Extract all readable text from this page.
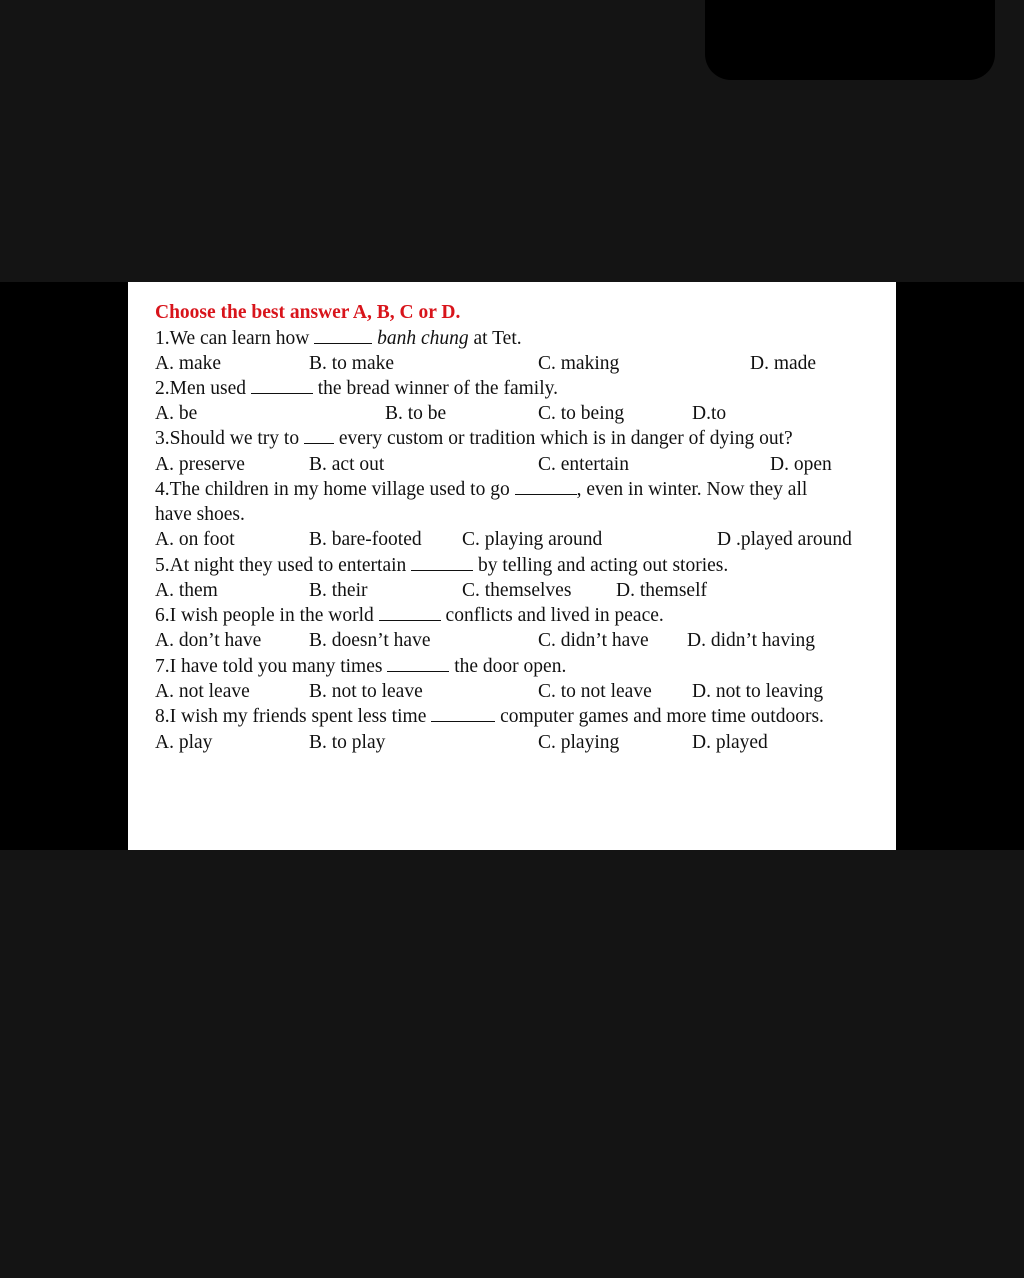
Choose the best answer A, B, C or D.
1.We can learn how	banh chung at Tet.
A. make	B. to make	C. making	D. made
2.Men used	the bread winner of the family.
A. be	B. to be	C. to being	D.to
3.Should we try to  every custom or tradition which is in danger of dying out?
A. preserve	B. act out	C. entertain	D. open
4.The children in my home village used to go	, even in winter. Now they all
have shoes.
A. on foot	B. bare-footed C. playing around	D .played around
5.At night they used to entertain	by telling and acting out stories.
A. them	B. their	C. themselves D. themself
6.I wish people in the world	conflicts and lived in peace.
A. don’t have B. doesn’t have	C. didn’t have D. didn’t having
7.I have told you many times	the door open.
A. not leave	B. not to leave	C. to not leave D. not to leaving
8.I wish my friends spent less time	computer games and more time outdoors.
A. play	B. to play	C. playing	D. played
